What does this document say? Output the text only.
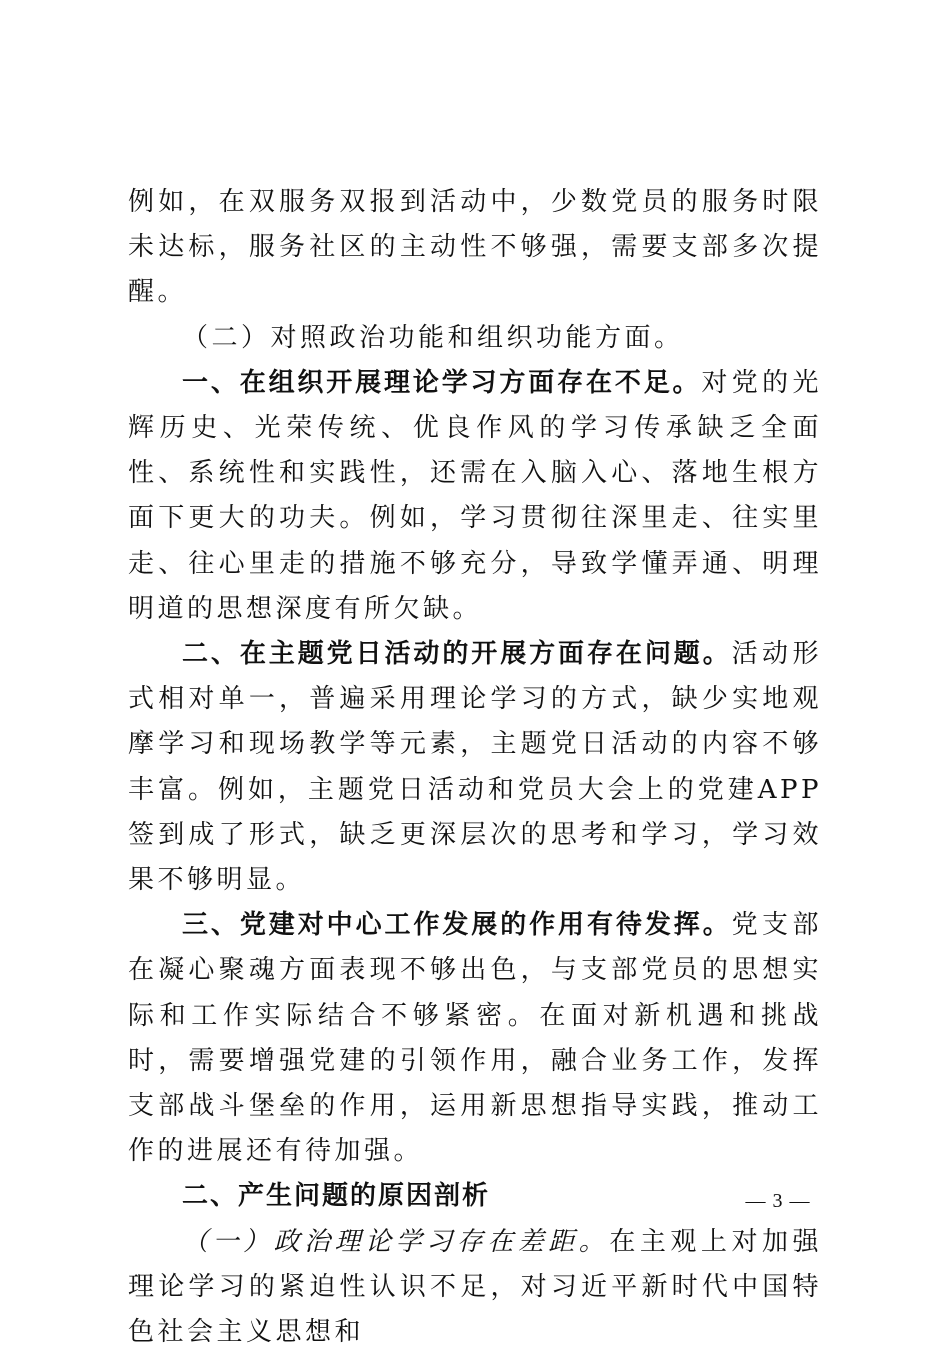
例如，在双服务双报到活动中，少数党员的服务时限未达标，服务社区的主动性不够强，需要支部多次提醒。

（二）对照政治功能和组织功能方面。

一、在组织开展理论学习方面存在不足。对党的光辉历史、光荣传统、优良作风的学习传承缺乏全面性、系统性和实践性，还需在入脑入心、落地生根方面下更大的功夫。例如，学习贯彻往深里走、往实里走、往心里走的措施不够充分，导致学懂弄通、明理明道的思想深度有所欠缺。

二、在主题党日活动的开展方面存在问题。活动形式相对单一，普遍采用理论学习的方式，缺少实地观摩学习和现场教学等元素，主题党日活动的内容不够丰富。例如，主题党日活动和党员大会上的党建APP签到成了形式，缺乏更深层次的思考和学习，学习效果不够明显。

三、党建对中心工作发展的作用有待发挥。党支部在凝心聚魂方面表现不够出色，与支部党员的思想实际和工作实际结合不够紧密。在面对新机遇和挑战时，需要增强党建的引领作用，融合业务工作，发挥支部战斗堡垒的作用，运用新思想指导实践，推动工作的进展还有待加强。

二、产生问题的原因剖析

（一）政治理论学习存在差距。在主观上对加强理论学习的紧迫性认识不足，对习近平新时代中国特色社会主义思想和

— 3 —
